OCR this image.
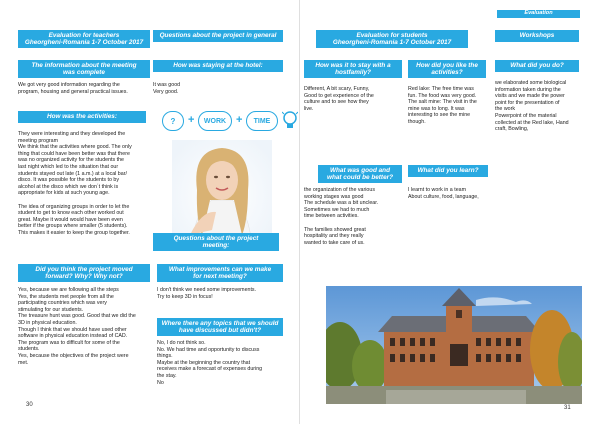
Evaluation for teachers
Gheorgheni-Romania 1-7 October 2017
Questions about the project in general
The information about the meeting
was complete
How was staying at the hotel:
We got very good information regarding the
program, housing and general practical issues.
It was good
Very good.
How was the activities:	?	+	WORK +	TIME
They were interesting and they developed the
meeting program
We think that the activities where good. The only
thing that could have been better was that there
was no organized activity for the students the
last night which led to the situation that our
students stayed out late (1 a.m.) at a local bar/
disco. It was possible for the students to by
alcohol at the disco which we don´t think is
appropriate for kids at such young age.

The idea of organizing groups in order to let the
student to get to know each other worked out
great. Maybe it would would have been even
better if the groups where smaller (5 students).
This makes it easier to keep the group together.
Questions about the project
meeting:
Did you think the project moved
forward? Why? Why not?
What improvements can we make
for next meeting?
Yes, because we are following all the steps
Yes, the students met people from all the
participating countries which was very
stimulating for our students.
The treasure hunt was good. Good that we did the
3D in physical education.
Though I think that we should have used other
software in physical education instead of CAD.
The program was to difficult for some of the
students.
Yes, because the objectives of the project were
met.
I don't think we need some improvements.
Try to keep 3D in focus!
Where there any topics that we should
have discussed but didn't?
No, I do not think so.
No. We had time and opportunity to discuss
things.
Maybe at the beginning the country that
receives make a forecast of expenses during
the stay.
No
30
Evaluation
Evaluation for students
Gheorgheni-Romania 1-7 October 2017
Workshops
How was it to stay with a
hostfamily?
How did you like the
activities?
What did you do?
Different, A bit scary, Funny,
Good to get experience of the
culture and to see how they
live.
Red lake: The free time was
fun. The food was very good.
The salt mine: The visit in the
mine was to long. It was
interesting to see the mine
though.
we elaborated some biological
information taken during the
visits and we made the power
point for the presentation of
the work
Powerpoint of the material
collected at the Red lake, Hand
craft, Bowling,
What was good and
what could be better?
What did you learn?
the organization of the various
working stages was good
The schedule was a bit unclear.
Sometimes we had to much
time between activities.

The families showed great
hospitality and they really
wanted to take care of us.
I learnt to work in a team
About culture, food, language,
31
